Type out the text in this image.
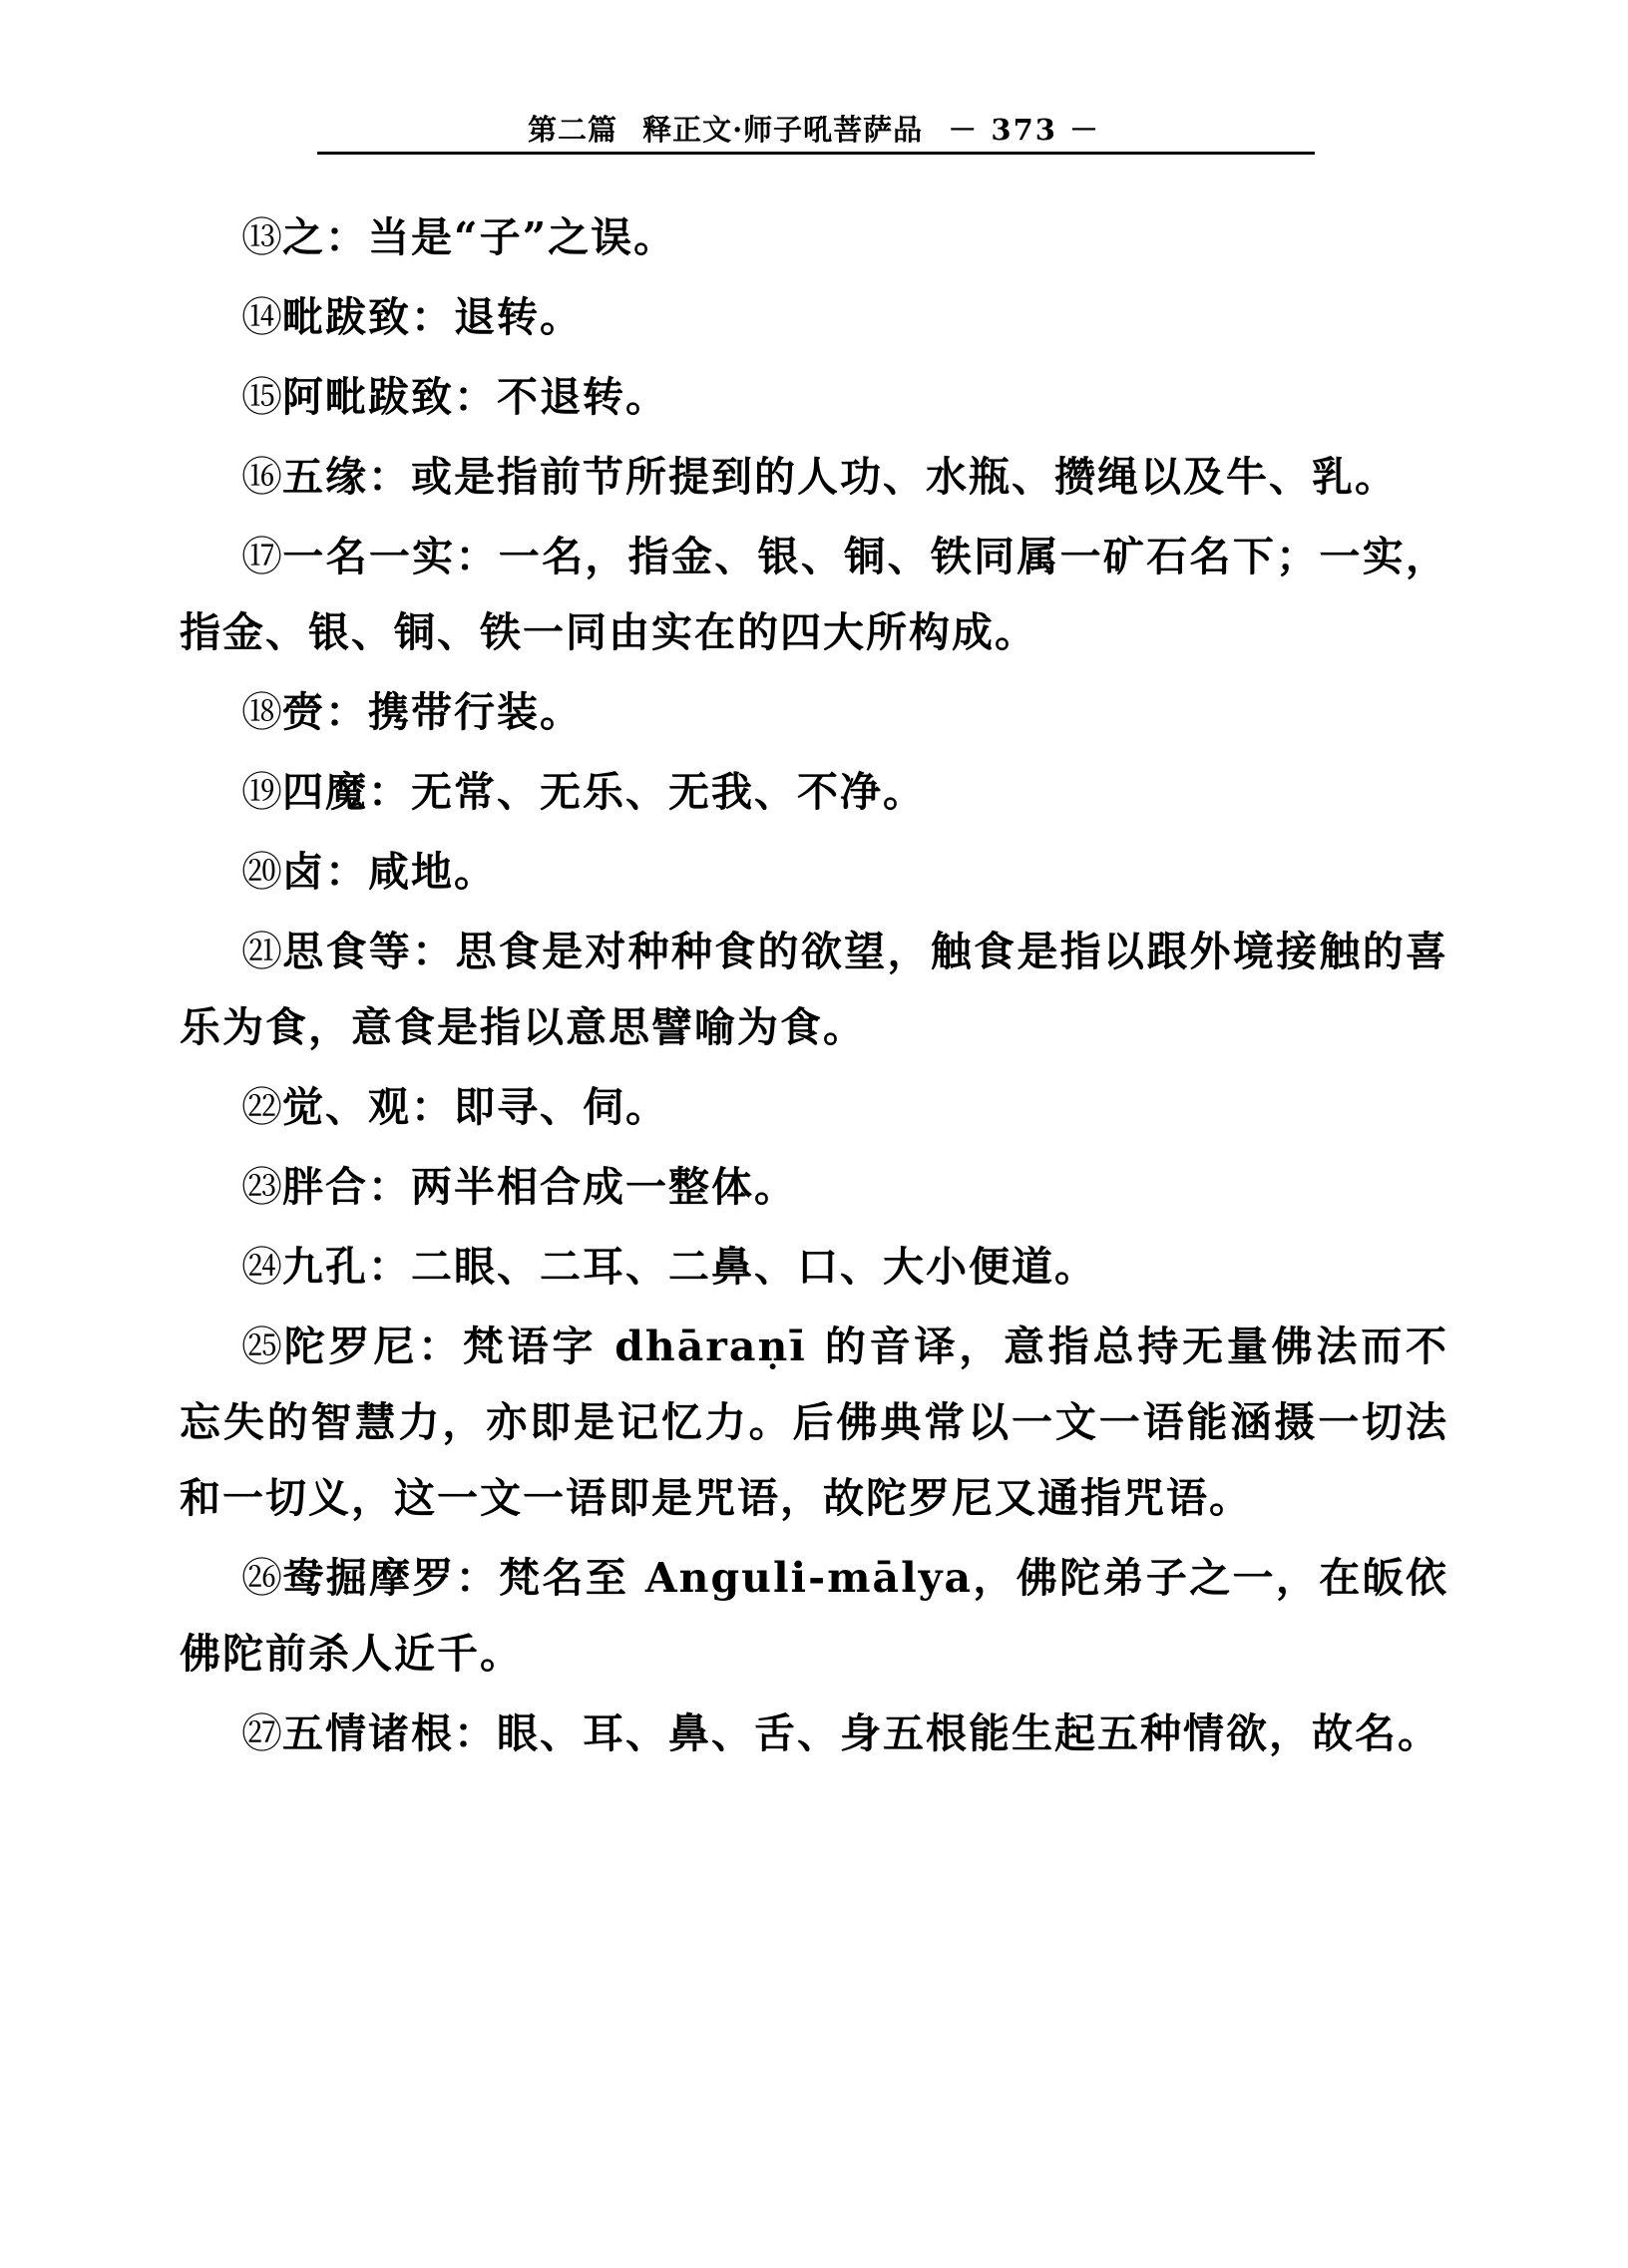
第二篇 释正文·师子吼菩萨品 － 373 －

⑬之：当是“子”之误。

⑭毗跋致：退转。

⑮阿毗跋致：不退转。

⑯五缘：或是指前节所提到的人功、水瓶、攒绳以及牛、乳。

⑰一名一实：一名，指金、银、铜、铁同属一矿石名下；一实，指金、银、铜、铁一同由实在的四大所构成。

⑱赍：携带行装。

⑲四魔：无常、无乐、无我、不净。

⑳卤：咸地。

㉑思食等：思食是对种种食的欲望，触食是指以跟外境接触的喜乐为食，意食是指以意思譬喻为食。

㉒觉、观：即寻、伺。

㉓胖合：两半相合成一整体。

㉔九孔：二眼、二耳、二鼻、口、大小便道。

㉕陀罗尼：梵语字 dhāraṇī 的音译，意指总持无量佛法而不忘失的智慧力，亦即是记忆力。后佛典常以一文一语能涵摄一切法和一切义，这一文一语即是咒语，故陀罗尼又通指咒语。

㉖鸯掘摩罗：梵名至 Anguli-mālya，佛陀弟子之一，在皈依佛陀前杀人近千。

㉗五情诸根：眼、耳、鼻、舌、身五根能生起五种情欲，故名。
